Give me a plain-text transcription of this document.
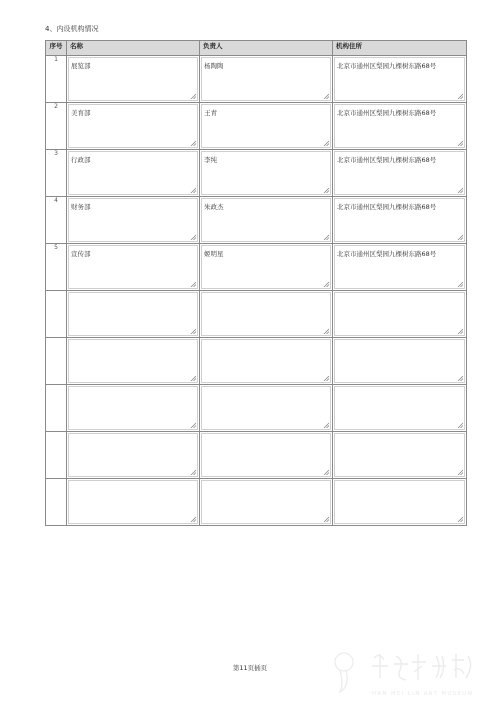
4、内设机构情况
序号	名称	负责人	机构住所
1	展览部	杨陶陶	北京市通州区梨园九棵树东路68号

2	美育部	王青	北京市通州区梨园九棵树东路68号

3	行政部	李纯	北京市通州区梨园九棵树东路68号

4	财务部	朱政杰	北京市通州区梨园九棵树东路68号

5	宣传部	姬明星	北京市通州区梨园九棵树东路68号

第11页插页
HAN MEI LIN ART MUSEUM
